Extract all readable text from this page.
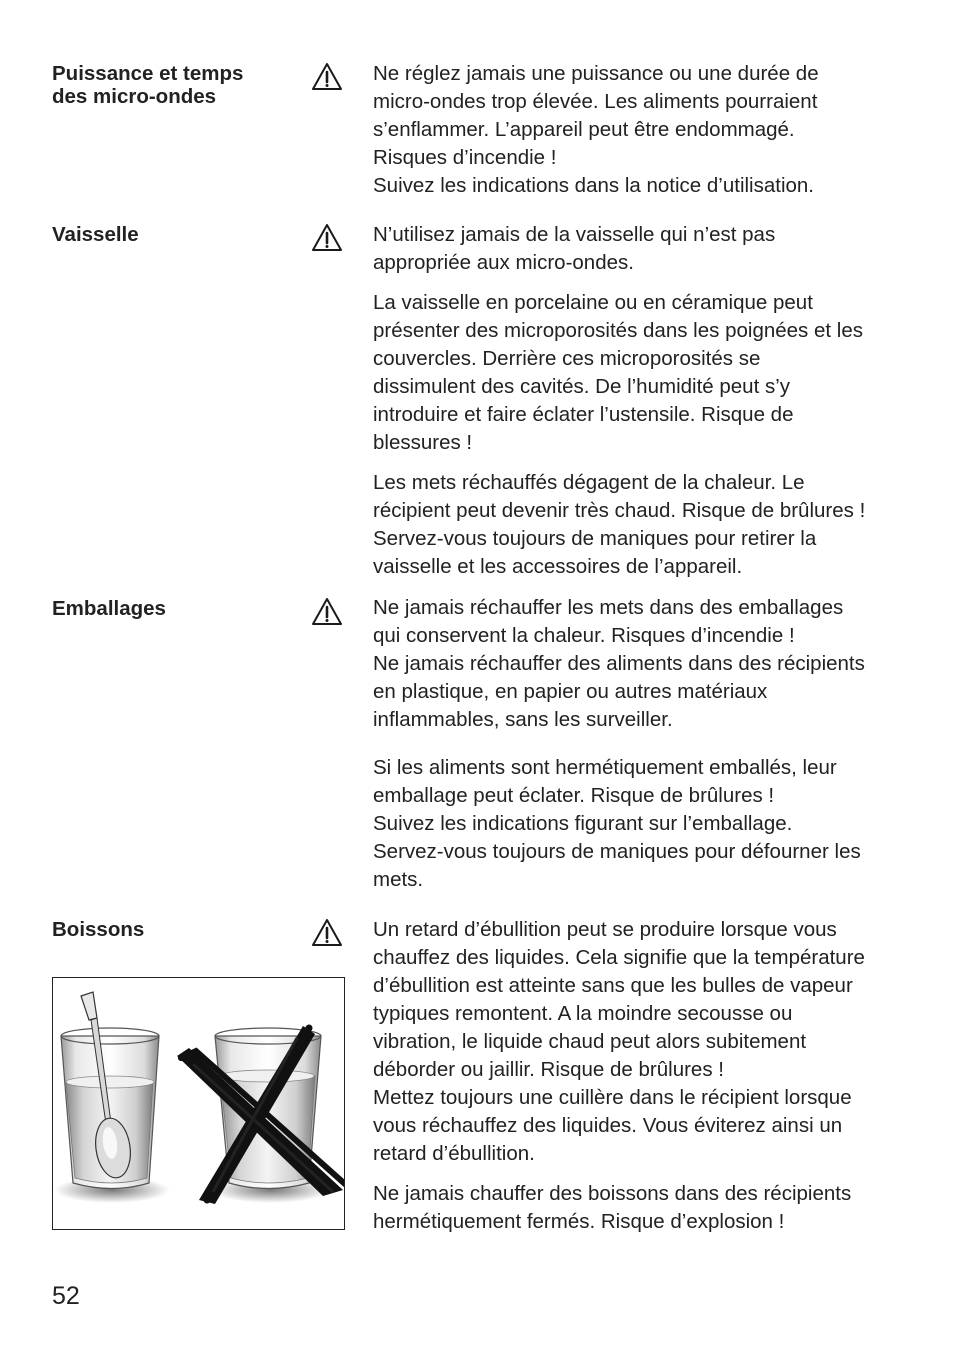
Puissance et temps
des micro-ondes

Ne réglez jamais une puissance ou une durée de
micro-ondes trop élevée. Les aliments pourraient
s’enflammer. L’appareil peut être endommagé.
Risques d’incendie !
Suivez les indications dans la notice d’utilisation.

Vaisselle	N’utilisez jamais de la vaisselle qui n’est pas
appropriée aux micro-ondes.

La vaisselle en porcelaine ou en céramique peut
présenter des microporosités dans les poignées et les
couvercles. Derrière ces microporosités se
dissimulent des cavités. De l’humidité peut s’y
introduire et faire éclater l’ustensile. Risque de
blessures !

Les mets réchauffés dégagent de la chaleur. Le
récipient peut devenir très chaud. Risque de brûlures !
Servez-vous toujours de maniques pour retirer la
vaisselle et les accessoires de l’appareil.

Emballages	Ne jamais réchauffer les mets dans des emballages
qui conservent la chaleur. Risques d’incendie !
Ne jamais réchauffer des aliments dans des récipients
en plastique, en papier ou autres matériaux
inflammables, sans les surveiller.

Si les aliments sont hermétiquement emballés, leur
emballage peut éclater. Risque de brûlures !
Suivez les indications figurant sur l’emballage.
Servez-vous toujours de maniques pour défourner les
mets.

Boissons	Un retard d’ébullition peut se produire lorsque vous
chauffez des liquides. Cela signifie que la température
d’ébullition est atteinte sans que les bulles de vapeur
typiques remontent. A la moindre secousse ou
vibration, le liquide chaud peut alors subitement
déborder ou jaillir. Risque de brûlures !
Mettez toujours une cuillère dans le récipient lorsque
vous réchauffez des liquides. Vous éviterez ainsi un
retard d’ébullition.

Ne jamais chauffer des boissons dans des récipients
hermétiquement fermés. Risque d’explosion !

52
